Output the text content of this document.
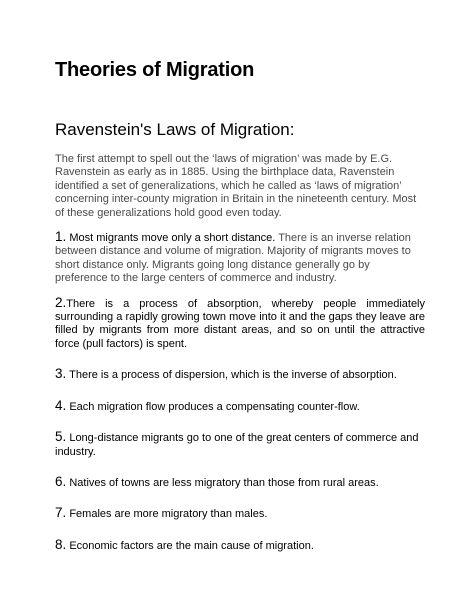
Theories of Migration
Ravenstein's Laws of Migration:

The first attempt to spell out the ‘laws of migration’ was made by E.G. Ravenstein as early as in 1885. Using the birthplace data, Ravenstein identified a set of generalizations, which he called as ‘laws of migration’ concerning inter-county migration in Britain in the nineteenth century. Most of these generalizations hold good even today.

1. Most migrants move only a short distance. There is an inverse relation between distance and volume of migration. Majority of migrants moves to short distance only. Migrants going long distance generally go by preference to the large centers of commerce and industry.

2.There is a process of absorption, whereby people immediately surrounding a rapidly growing town move into it and the gaps they leave are filled by migrants from more distant areas, and so on until the attractive force (pull factors) is spent.

3. There is a process of dispersion, which is the inverse of absorption.

4. Each migration flow produces a compensating counter-flow.

5. Long-distance migrants go to one of the great centers of commerce and industry.

6. Natives of towns are less migratory than those from rural areas.

7. Females are more migratory than males.

8. Economic factors are the main cause of migration.
